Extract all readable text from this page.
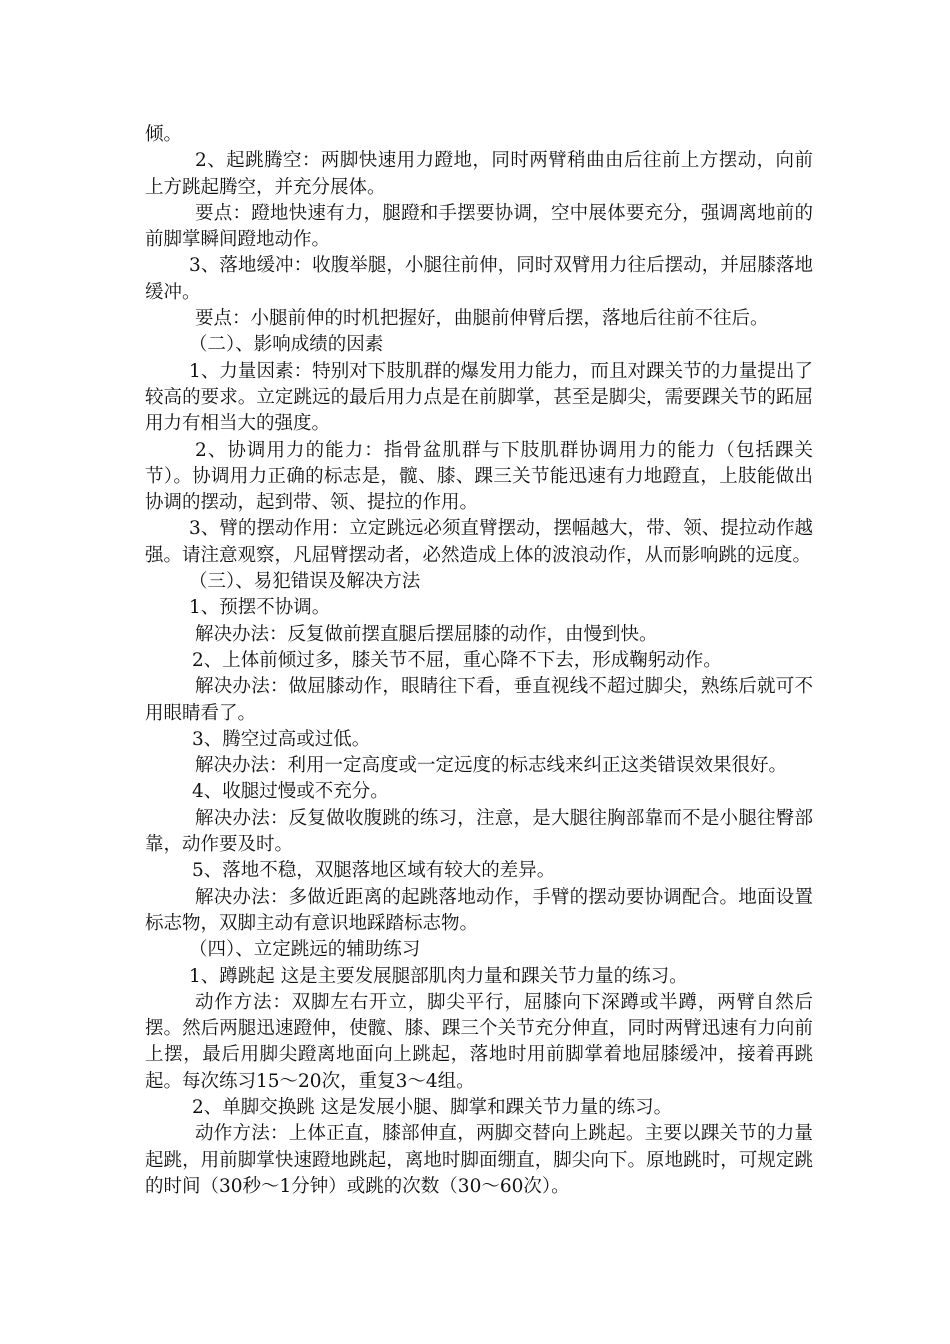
倾。

2、起跳腾空：两脚快速用力蹬地，同时两臂稍曲由后往前上方摆动，向前上方跳起腾空，并充分展体。

要点：蹬地快速有力，腿蹬和手摆要协调，空中展体要充分，强调离地前的前脚掌瞬间蹬地动作。

3、落地缓冲：收腹举腿，小腿往前伸，同时双臂用力往后摆动，并屈膝落地缓冲。

要点：小腿前伸的时机把握好，曲腿前伸臂后摆，落地后往前不往后。

（二）、影响成绩的因素

1、力量因素：特别对下肢肌群的爆发用力能力，而且对踝关节的力量提出了较高的要求。立定跳远的最后用力点是在前脚掌，甚至是脚尖，需要踝关节的跖屈用力有相当大的强度。

2、协调用力的能力：指骨盆肌群与下肢肌群协调用力的能力（包括踝关节）。协调用力正确的标志是，髋、膝、踝三关节能迅速有力地蹬直，上肢能做出协调的摆动，起到带、领、提拉的作用。

3、臂的摆动作用：立定跳远必须直臂摆动，摆幅越大，带、领、提拉动作越强。请注意观察，凡屈臂摆动者，必然造成上体的波浪动作，从而影响跳的远度。

（三）、易犯错误及解决方法

1、预摆不协调。

解决办法：反复做前摆直腿后摆屈膝的动作，由慢到快。

2、上体前倾过多，膝关节不屈，重心降不下去，形成鞠躬动作。

解决办法：做屈膝动作，眼睛往下看，垂直视线不超过脚尖，熟练后就可不用眼睛看了。

3、腾空过高或过低。

解决办法：利用一定高度或一定远度的标志线来纠正这类错误效果很好。

4、收腿过慢或不充分。

解决办法：反复做收腹跳的练习，注意，是大腿往胸部靠而不是小腿往臀部靠，动作要及时。

5、落地不稳，双腿落地区域有较大的差异。

解决办法：多做近距离的起跳落地动作，手臂的摆动要协调配合。地面设置标志物，双脚主动有意识地踩踏标志物。

（四）、立定跳远的辅助练习

1、蹲跳起 这是主要发展腿部肌肉力量和踝关节力量的练习。

动作方法：双脚左右开立，脚尖平行，屈膝向下深蹲或半蹲，两臂自然后摆。然后两腿迅速蹬伸，使髋、膝、踝三个关节充分伸直，同时两臂迅速有力向前上摆，最后用脚尖蹬离地面向上跳起，落地时用前脚掌着地屈膝缓冲，接着再跳起。每次练习15～20次，重复3～4组。

2、单脚交换跳 这是发展小腿、脚掌和踝关节力量的练习。

动作方法：上体正直，膝部伸直，两脚交替向上跳起。主要以踝关节的力量起跳，用前脚掌快速蹬地跳起，离地时脚面绷直，脚尖向下。原地跳时，可规定跳的时间（30秒～1分钟）或跳的次数（30～60次）。
